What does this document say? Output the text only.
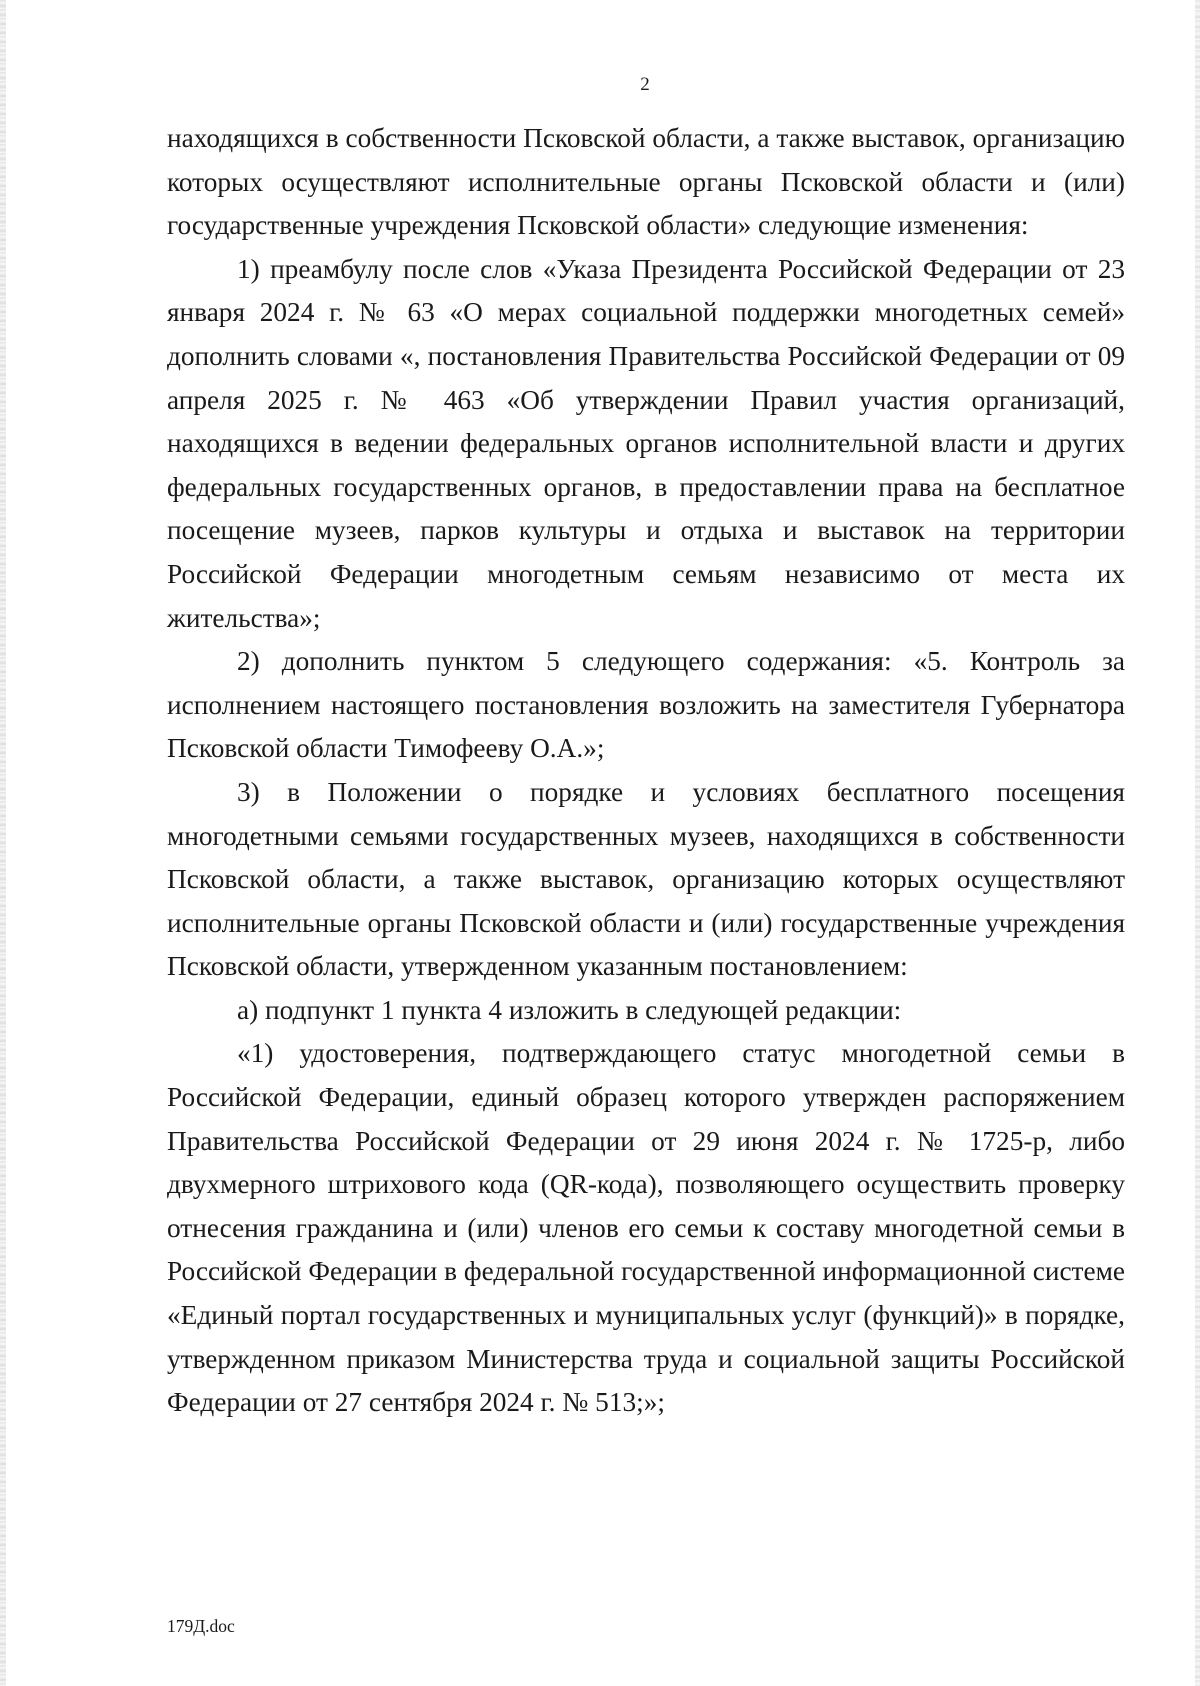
2

находящихся в собственности Псковской области, а также выставок, организацию которых осуществляют исполнительные органы Псковской области и (или) государственные учреждения Псковской области» следующие изменения:

1) преамбулу после слов «Указа Президента Российской Федерации от 23 января 2024 г. № 63 «О мерах социальной поддержки многодетных семей» дополнить словами «, постановления Правительства Российской Федерации от 09 апреля 2025 г. № 463 «Об утверждении Правил участия организаций, находящихся в ведении федеральных органов исполнительной власти и других федеральных государственных органов, в предоставлении права на бесплатное посещение музеев, парков культуры и отдыха и выставок на территории Российской Федерации многодетным семьям независимо от места их жительства»;

2) дополнить пунктом 5 следующего содержания: «5. Контроль за исполнением настоящего постановления возложить на заместителя Губернатора Псковской области Тимофееву О.А.»;

3) в Положении о порядке и условиях бесплатного посещения многодетными семьями государственных музеев, находящихся в собственности Псковской области, а также выставок, организацию которых осуществляют исполнительные органы Псковской области и (или) государственные учреждения Псковской области, утвержденном указанным постановлением:

а) подпункт 1 пункта 4 изложить в следующей редакции:

«1) удостоверения, подтверждающего статус многодетной семьи в Российской Федерации, единый образец которого утвержден распоряжением Правительства Российской Федерации от 29 июня 2024 г. № 1725-р, либо двухмерного штрихового кода (QR-кода), позволяющего осуществить проверку отнесения гражданина и (или) членов его семьи к составу многодетной семьи в Российской Федерации в федеральной государственной информационной системе «Единый портал государственных и муниципальных услуг (функций)» в порядке, утвержденном приказом Министерства труда и социальной защиты Российской Федерации от 27 сентября 2024 г. № 513;»;

179Д.doc
